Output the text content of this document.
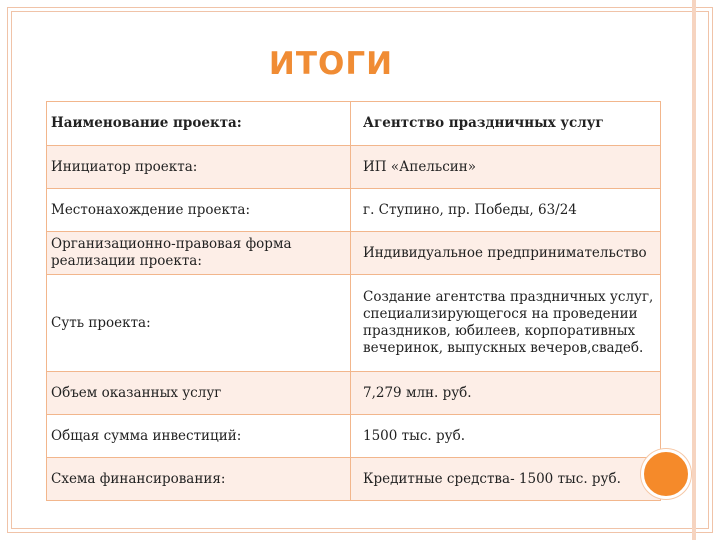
ИТОГИ
Наименование проекта:	Агентство праздничных услуг
Инициатор проекта:	ИП «Апельсин»
Местонахождение проекта:	г. Ступино, пр. Победы, 63/24
Организационно-правовая форма реализации проекта:	Индивидуальное предпринимательство
Суть проекта:	Создание агентства праздничных услуг, специализирующегося на проведении праздников, юбилеев, корпоративных вечеринок, выпускных вечеров,свадеб.
Объем оказанных услуг	7,279 млн. руб.
Общая сумма инвестиций:	1500 тыс. руб.
Схема финансирования:	Кредитные средства- 1500 тыс. руб.
